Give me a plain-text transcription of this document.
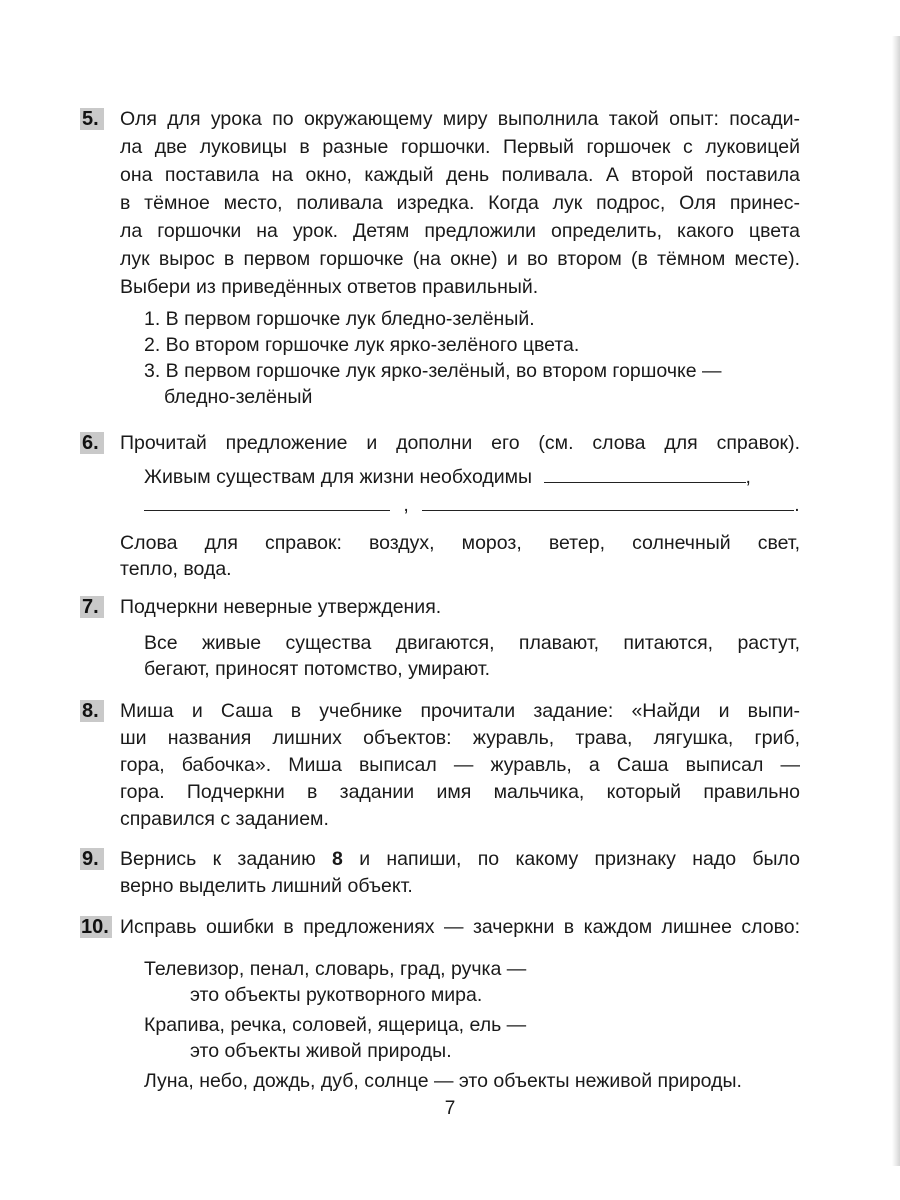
5. Оля для урока по окружающему миру выполнила такой опыт: посади-
ла две луковицы в разные горшочки. Первый горшочек с луковицей
она поставила на окно, каждый день поливала. А второй поставила
в тёмное место, поливала изредка. Когда лук подрос, Оля принес-
ла горшочки на урок. Детям предложили определить, какого цвета
лук вырос в первом горшочке (на окне) и во втором (в тёмном месте).
Выбери из приведённых ответов правильный.
1. В первом горшочке лук бледно-зелёный.
2. Во втором горшочке лук ярко-зелёного цвета.
3. В первом горшочке лук ярко-зелёный, во втором горшочке —
бледно-зелёный
6. Прочитай предложение и дополни его (см. слова для справок).
Живым существам для жизни необходимы	,
,	.
Слова для справок: воздух, мороз, ветер, солнечный свет,
тепло, вода.
7. Подчеркни неверные утверждения.
Все живые существа двигаются, плавают, питаются, растут,
бегают, приносят потомство, умирают.
8. Миша и Саша в учебнике прочитали задание: «Найди и выпи-
ши названия лишних объектов: журавль, трава, лягушка, гриб,
гора, бабочка». Миша выписал — журавль, а Саша выписал —
гора. Подчеркни в задании имя мальчика, который правильно
справился с заданием.
9. Вернись к заданию 8 и напиши, по какому признаку надо было
верно выделить лишний объект.
10. Исправь ошибки в предложениях — зачеркни в каждом лишнее слово:
Телевизор, пенал, словарь, град, ручка —
это объекты рукотворного мира.
Крапива, речка, соловей, ящерица, ель —
это объекты живой природы.
Луна, небо, дождь, дуб, солнце — это объекты неживой природы.
7
